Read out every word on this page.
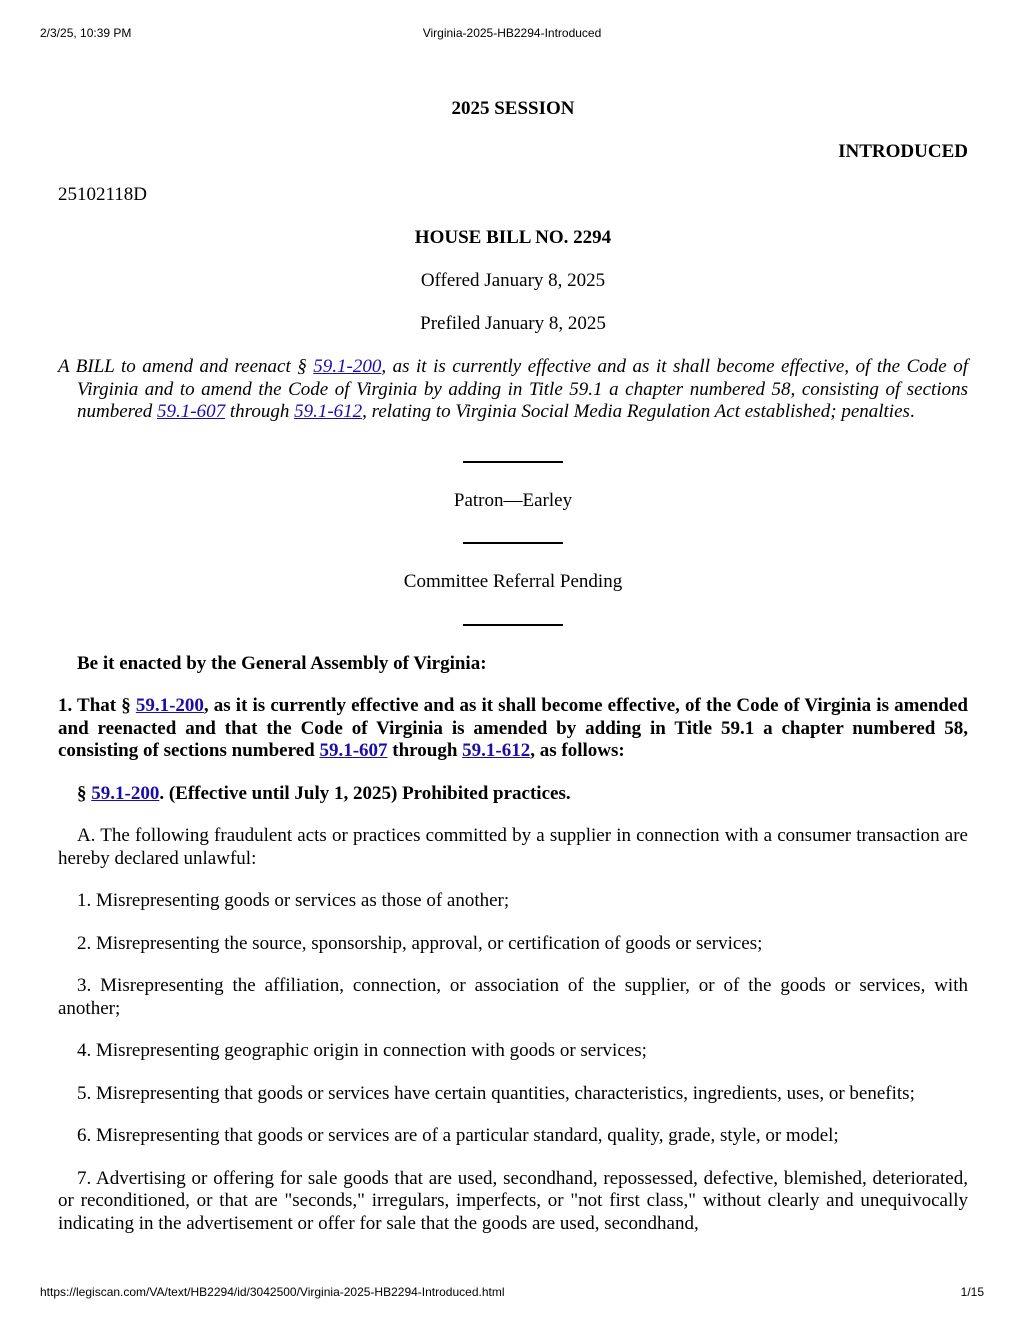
2/3/25, 10:39 PM	Virginia-2025-HB2294-Introduced

2025 SESSION

INTRODUCED

25102118D

HOUSE BILL NO. 2294

Offered January 8, 2025

Prefiled January 8, 2025

A BILL to amend and reenact § 59.1-200, as it is currently effective and as it shall become effective, of the Code of Virginia and to amend the Code of Virginia by adding in Title 59.1 a chapter numbered 58, consisting of sections numbered 59.1-607 through 59.1-612, relating to Virginia Social Media Regulation Act established; penalties.

Patron—Earley

Committee Referral Pending

Be it enacted by the General Assembly of Virginia:

1. That § 59.1-200, as it is currently effective and as it shall become effective, of the Code of Virginia is amended and reenacted and that the Code of Virginia is amended by adding in Title 59.1 a chapter numbered 58, consisting of sections numbered 59.1-607 through 59.1-612, as follows:

§ 59.1-200. (Effective until July 1, 2025) Prohibited practices.

A. The following fraudulent acts or practices committed by a supplier in connection with a consumer transaction are hereby declared unlawful:

1. Misrepresenting goods or services as those of another;

2. Misrepresenting the source, sponsorship, approval, or certification of goods or services;

3. Misrepresenting the affiliation, connection, or association of the supplier, or of the goods or services, with another;

4. Misrepresenting geographic origin in connection with goods or services;

5. Misrepresenting that goods or services have certain quantities, characteristics, ingredients, uses, or benefits;

6. Misrepresenting that goods or services are of a particular standard, quality, grade, style, or model;

7. Advertising or offering for sale goods that are used, secondhand, repossessed, defective, blemished, deteriorated, or reconditioned, or that are "seconds," irregulars, imperfects, or "not first class," without clearly and unequivocally indicating in the advertisement or offer for sale that the goods are used, secondhand,

https://legiscan.com/VA/text/HB2294/id/3042500/Virginia-2025-HB2294-Introduced.html	1/15
